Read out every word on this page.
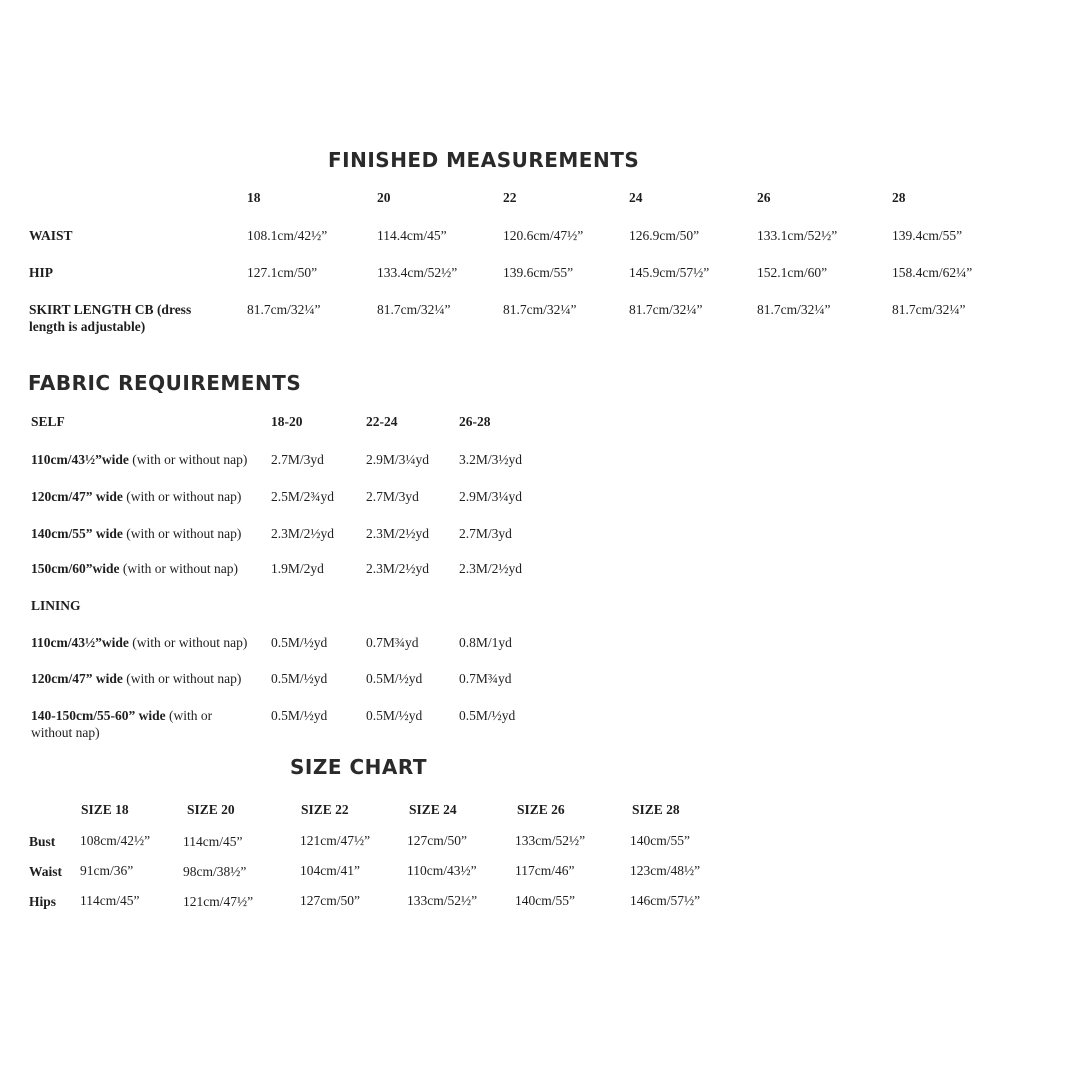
FINISHED MEASUREMENTS
18	20	22	24	26	28
WAIST	108.1cm/42½”	114.4cm/45”	120.6cm/47½”	126.9cm/50”	133.1cm/52½”	139.4cm/55”
HIP	127.1cm/50”	133.4cm/52½”	139.6cm/55”	145.9cm/57½”	152.1cm/60”	158.4cm/62¼”
SKIRT LENGTH CB (dress length is adjustable)
81.7cm/32¼”	81.7cm/32¼”	81.7cm/32¼”	81.7cm/32¼”	81.7cm/32¼”	81.7cm/32¼”
FABRIC REQUIREMENTS
SELF	18-20	22-24	26-28
110cm/43½”wide (with or without nap) 2.7M/3yd	2.9M/3¼yd 3.2M/3½yd
120cm/47” wide (with or without nap) 2.5M/2¾yd 2.7M/3yd	2.9M/3¼yd
140cm/55” wide (with or without nap) 2.3M/2½yd 2.3M/2½yd 2.7M/3yd
150cm/60”wide (with or without nap) 1.9M/2yd	2.3M/2½yd 2.3M/2½yd
LINING
110cm/43½”wide (with or without nap) 0.5M/½yd	0.7M¾yd	0.8M/1yd
120cm/47” wide (with or without nap) 0.5M/½yd	0.5M/½yd	0.7M¾yd
140-150cm/55-60” wide (with or without nap)
0.5M/½yd	0.5M/½yd	0.5M/½yd
SIZE CHART
SIZE 18	SIZE 20	SIZE 22	SIZE 24	SIZE 26	SIZE 28
Bust 108cm/42½” 114cm/45”	121cm/47½”	127cm/50”	133cm/52½”	140cm/55”
Waist 91cm/36”	98cm/38½”	104cm/41”	110cm/43½”	117cm/46”	123cm/48½”
Hips 114cm/45”	121cm/47½”	127cm/50”	133cm/52½”	140cm/55”	146cm/57½”
